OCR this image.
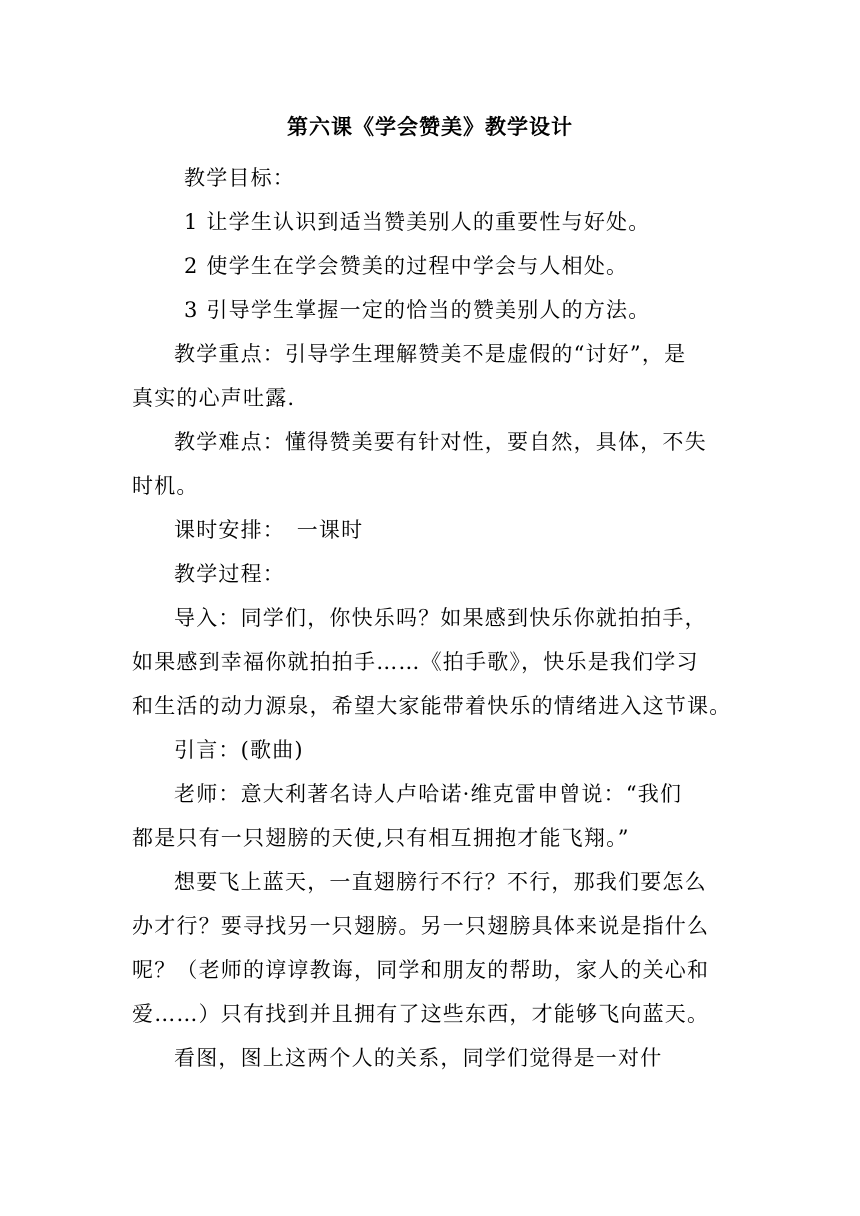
第六课《学会赞美》教学设计

教学目标：

1 让学生认识到适当赞美别人的重要性与好处。

2 使学生在学会赞美的过程中学会与人相处。

3 引导学生掌握一定的恰当的赞美别人的方法。

教学重点：引导学生理解赞美不是虚假的“讨好”，是

真实的心声吐露.

教学难点：懂得赞美要有针对性，要自然，具体，不失

时机。

课时安排：　一课时

教学过程：

导入：同学们，你快乐吗？如果感到快乐你就拍拍手，

如果感到幸福你就拍拍手……《拍手歌》，快乐是我们学习

和生活的动力源泉，希望大家能带着快乐的情绪进入这节课。

引言：(歌曲)

老师：意大利著名诗人卢哈诺·维克雷申曾说：“我们

都是只有一只翅膀的天使,只有相互拥抱才能飞翔。”

想要飞上蓝天，一直翅膀行不行？不行，那我们要怎么

办才行？要寻找另一只翅膀。另一只翅膀具体来说是指什么

呢？（老师的谆谆教诲，同学和朋友的帮助，家人的关心和

爱……）只有找到并且拥有了这些东西，才能够飞向蓝天。

看图，图上这两个人的关系，同学们觉得是一对什
